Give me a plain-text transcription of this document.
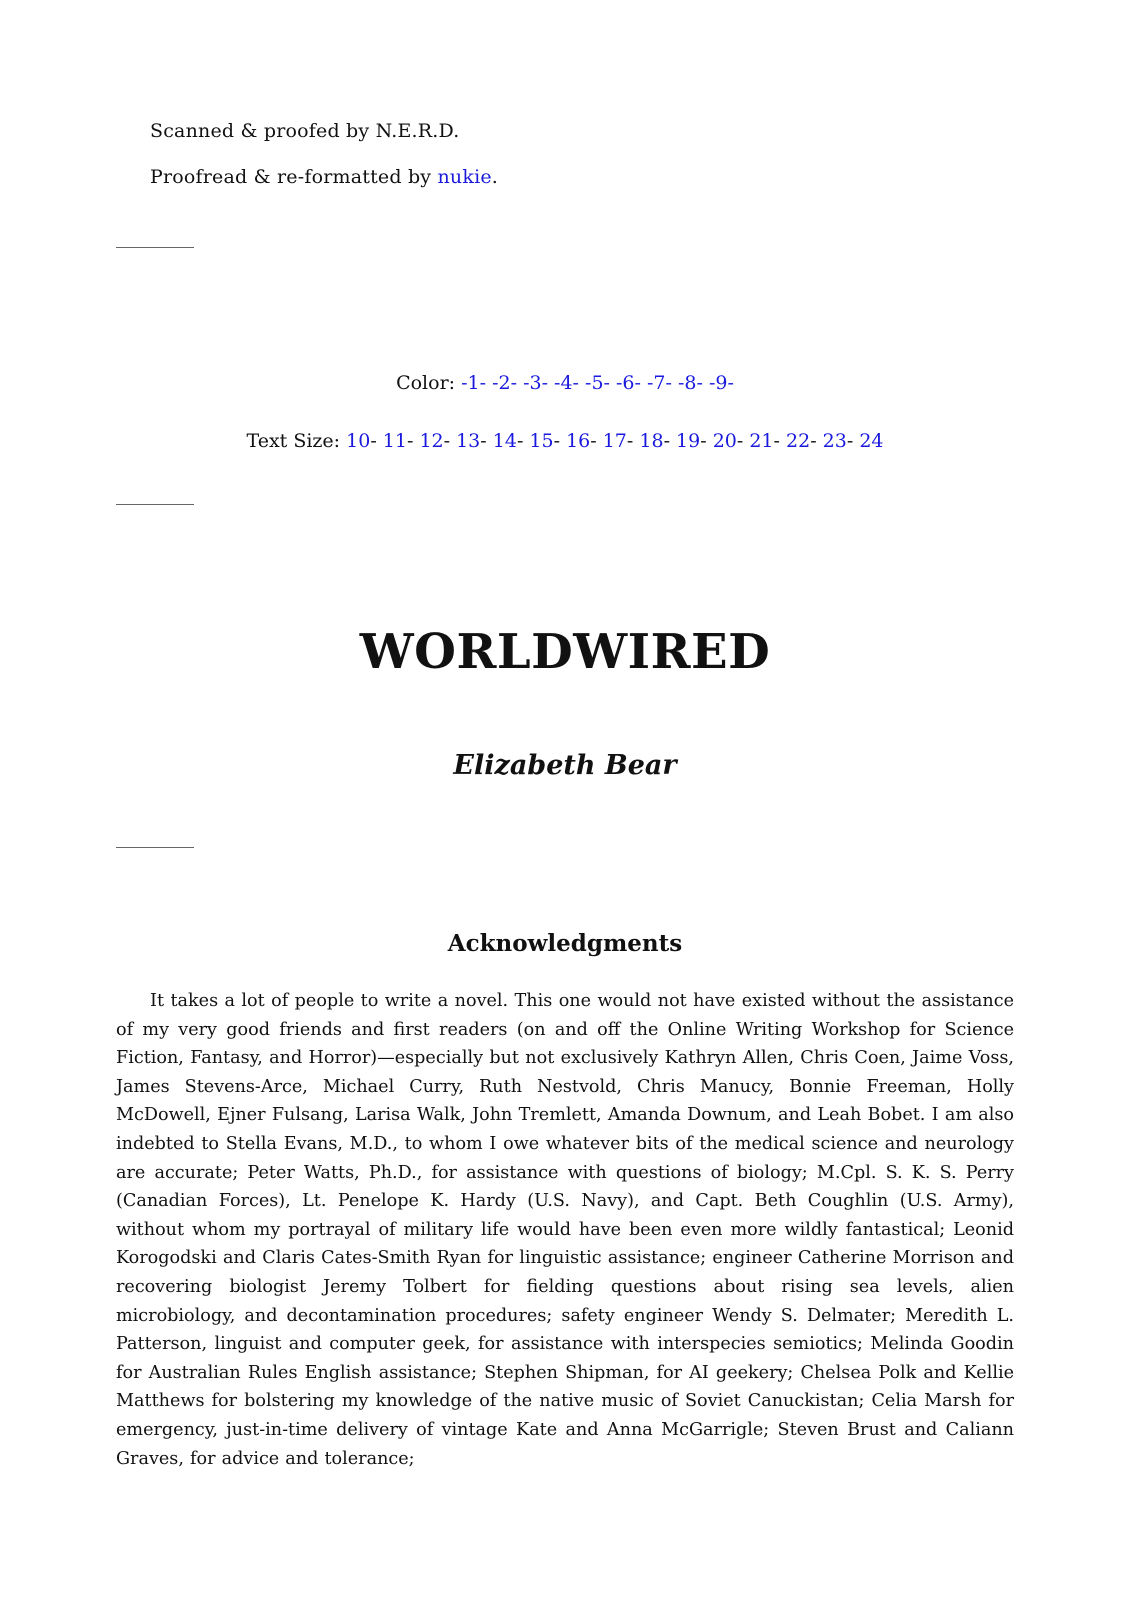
Scanned & proofed by N.E.R.D.
Proofread & re-formatted by nukie.
Color: -1- -2- -3- -4- -5- -6- -7- -8- -9-
Text Size: 10- 11- 12- 13- 14- 15- 16- 17- 18- 19- 20- 21- 22- 23- 24
WORLDWIRED
Elizabeth Bear
Acknowledgments

It takes a lot of people to write a novel. This one would not have existed without the assistance of my very good friends and first readers (on and off the Online Writing Workshop for Science Fiction, Fantasy, and Horror)—especially but not exclusively Kathryn Allen, Chris Coen, Jaime Voss, James Stevens-Arce, Michael Curry, Ruth Nestvold, Chris Manucy, Bonnie Freeman, Holly McDowell, Ejner Fulsang, Larisa Walk, John Tremlett, Amanda Downum, and Leah Bobet. I am also indebted to Stella Evans, M.D., to whom I owe whatever bits of the medical science and neurology are accurate; Peter Watts, Ph.D., for assistance with questions of biology; M.Cpl. S. K. S. Perry (Canadian Forces), Lt. Penelope K. Hardy (U.S. Navy), and Capt. Beth Coughlin (U.S. Army), without whom my portrayal of military life would have been even more wildly fantastical; Leonid Korogodski and Claris Cates-Smith Ryan for linguistic assistance; engineer Catherine Morrison and recovering biologist Jeremy Tolbert for fielding questions about rising sea levels, alien microbiology, and decontamination procedures; safety engineer Wendy S. Delmater; Meredith L. Patterson, linguist and computer geek, for assistance with interspecies semiotics; Melinda Goodin for Australian Rules English assistance; Stephen Shipman, for AI geekery; Chelsea Polk and Kellie Matthews for bolstering my knowledge of the native music of Soviet Canuckistan; Celia Marsh for emergency, just-in-time delivery of vintage Kate and Anna McGarrigle; Steven Brust and Caliann Graves, for advice and tolerance;
